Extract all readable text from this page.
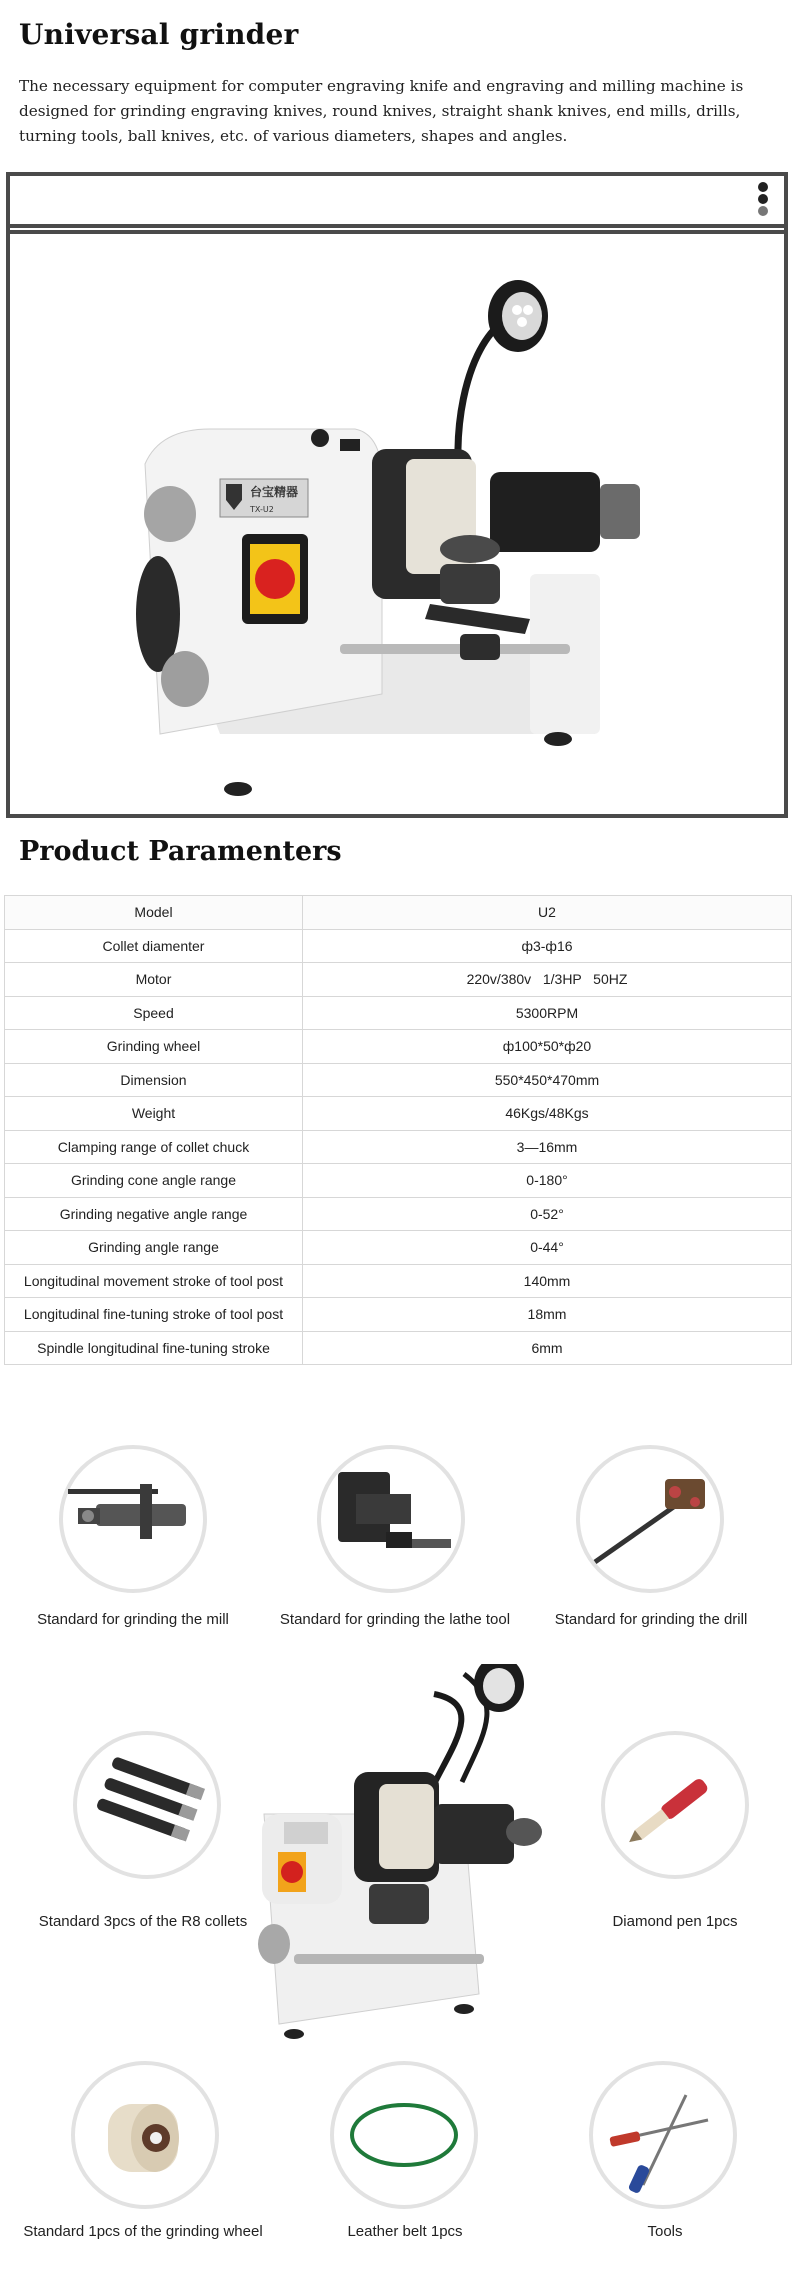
Universal grinder

The necessary equipment for computer engraving knife and engraving and milling machine is designed for grinding engraving knives, round knives, straight shank knives, end mills, drills, turning tools, ball knives, etc. of various diameters, shapes and angles.

台宝精器
TX-U2
Product Paramenters
Model	U2
Collet diamenter	ф3-ф16
Motor	220v/380v   1/3HP   50HZ
Speed	5300RPM
Grinding wheel	ф100*50*ф20
Dimension	550*450*470mm
Weight	46Kgs/48Kgs
Clamping range of collet chuck	3—16mm
Grinding cone angle range	0-180°
Grinding negative angle range	0-52°
Grinding angle range	0-44°
Longitudinal movement stroke of tool post	140mm
Longitudinal fine-tuning stroke of tool post	18mm
Spindle longitudinal fine-tuning stroke	6mm
Standard for grinding the mill	Standard for grinding the lathe tool	Standard for grinding the drill
Standard 3pcs of the R8 collets	Diamond pen 1pcs
Standard 1pcs of the grinding wheel	Leather belt 1pcs	Tools
